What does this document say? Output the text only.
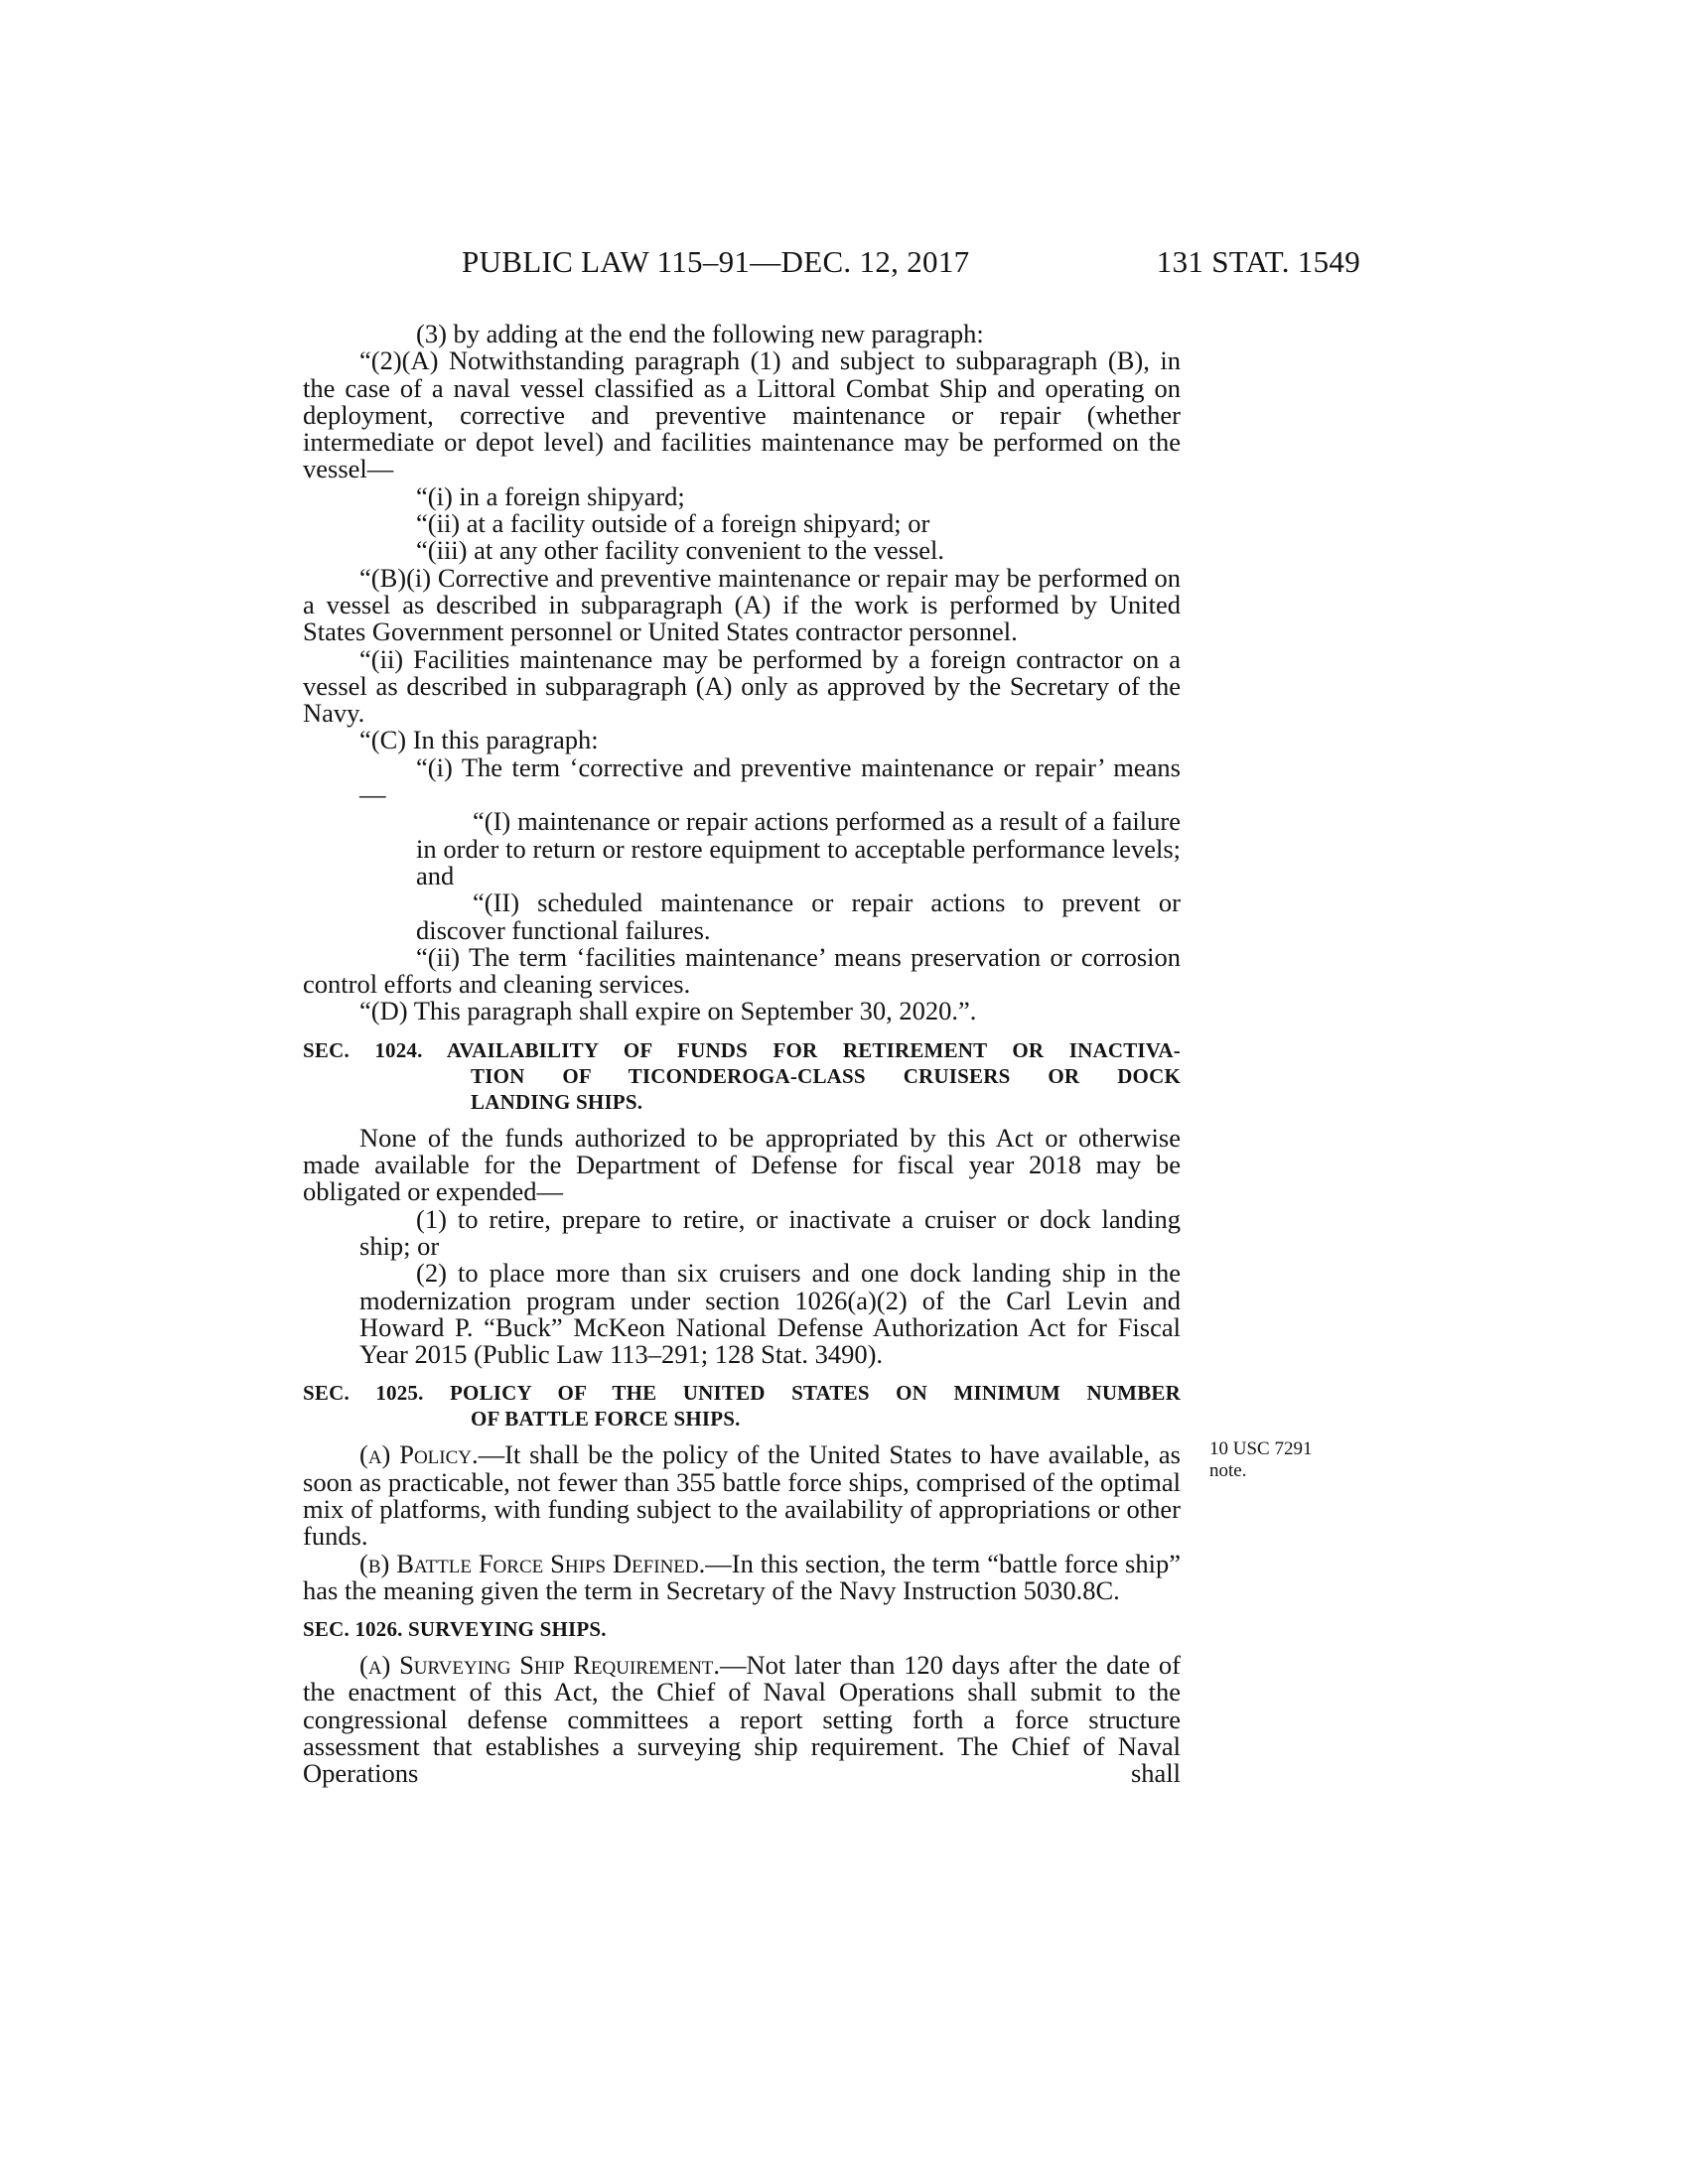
PUBLIC LAW 115–91—DEC. 12, 2017	131 STAT. 1549
10 USC 7291 note.

(3) by adding at the end the following new paragraph:

“(2)(A) Notwithstanding paragraph (1) and subject to subparagraph (B), in the case of a naval vessel classified as a Littoral Combat Ship and operating on deployment, corrective and preventive maintenance or repair (whether intermediate or depot level) and facilities maintenance may be performed on the vessel—

“(i) in a foreign shipyard;

“(ii) at a facility outside of a foreign shipyard; or

“(iii) at any other facility convenient to the vessel.

“(B)(i) Corrective and preventive maintenance or repair may be performed on a vessel as described in subparagraph (A) if the work is performed by United States Government personnel or United States contractor personnel.

“(ii) Facilities maintenance may be performed by a foreign contractor on a vessel as described in subparagraph (A) only as approved by the Secretary of the Navy.

“(C) In this paragraph:

“(i) The term ‘corrective and preventive maintenance or repair’ means—

“(I) maintenance or repair actions performed as a result of a failure in order to return or restore equipment to acceptable performance levels; and

“(II) scheduled maintenance or repair actions to prevent or discover functional failures.

“(ii) The term ‘facilities maintenance’ means preservation or corrosion control efforts and cleaning services.

“(D) This paragraph shall expire on September 30, 2020.”.

SEC. 1024. AVAILABILITY OF FUNDS FOR RETIREMENT OR INACTIVA-
TION OF TICONDEROGA-CLASS CRUISERS OR DOCK
LANDING SHIPS.

None of the funds authorized to be appropriated by this Act or otherwise made available for the Department of Defense for fiscal year 2018 may be obligated or expended—

(1) to retire, prepare to retire, or inactivate a cruiser or dock landing ship; or

(2) to place more than six cruisers and one dock landing ship in the modernization program under section 1026(a)(2) of the Carl Levin and Howard P. “Buck” McKeon National Defense Authorization Act for Fiscal Year 2015 (Public Law 113–291; 128 Stat. 3490).

SEC. 1025. POLICY OF THE UNITED STATES ON MINIMUM NUMBER
OF BATTLE FORCE SHIPS.

(a) Policy.—It shall be the policy of the United States to have available, as soon as practicable, not fewer than 355 battle force ships, comprised of the optimal mix of platforms, with funding subject to the availability of appropriations or other funds.

(b) Battle Force Ships Defined.—In this section, the term “battle force ship” has the meaning given the term in Secretary of the Navy Instruction 5030.8C.

SEC. 1026. SURVEYING SHIPS.

(a) Surveying Ship Requirement.—Not later than 120 days after the date of the enactment of this Act, the Chief of Naval Operations shall submit to the congressional defense committees a report setting forth a force structure assessment that establishes a surveying ship requirement. The Chief of Naval Operations shall
